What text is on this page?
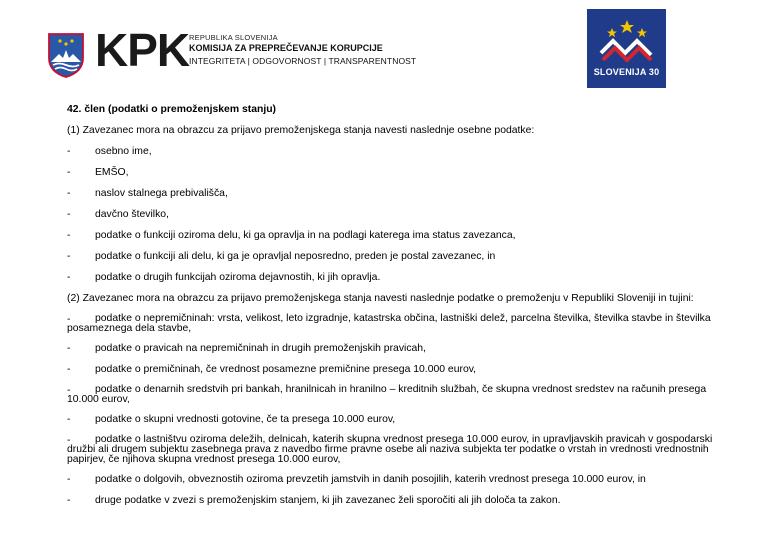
KPK REPUBLIKA SLOVENIJA
KOMISIJA ZA PREPREČEVANJE KORUPCIJE
INTEGRITETA | ODGOVORNOST | TRANSPARENTNOST
SLOVENIJA 30
42. člen (podatki o premoženjskem stanju)
(1) Zavezanec mora na obrazcu za prijavo premoženjskega stanja navesti naslednje osebne podatke:
-	osebno ime,
-	EMŠO,
-	naslov stalnega prebivališča,
-	davčno številko,
-	podatke o funkciji oziroma delu, ki ga opravlja in na podlagi katerega ima status zavezanca,
-	podatke o funkciji ali delu, ki ga je opravljal neposredno, preden je postal zavezanec, in
-	podatke o drugih funkcijah oziroma dejavnostih, ki jih opravlja.
(2) Zavezanec mora na obrazcu za prijavo premoženjskega stanja navesti naslednje podatke o premoženju v Republiki Sloveniji in tujini:
-	podatke o nepremičninah: vrsta, velikost, leto izgradnje, katastrska občina, lastniški delež, parcelna številka, številka stavbe in številka posameznega dela stavbe,
-	podatke o pravicah na nepremičninah in drugih premoženjskih pravicah,
-	podatke o premičninah, če vrednost posamezne premičnine presega 10.000 eurov,
-	podatke o denarnih sredstvih pri bankah, hranilnicah in hranilno – kreditnih službah, če skupna vrednost sredstev na računih presega 10.000 eurov,
-	podatke o skupni vrednosti gotovine, če ta presega 10.000 eurov,
-	podatke o lastništvu oziroma deležih, delnicah, katerih skupna vrednost presega 10.000 eurov, in upravljavskih pravicah v gospodarski družbi ali drugem subjektu zasebnega prava z navedbo firme pravne osebe ali naziva subjekta ter podatke o vrstah in vrednosti vrednostnih papirjev, če njihova skupna vrednost presega 10.000 eurov,
-	podatke o dolgovih, obveznostih oziroma prevzetih jamstvih in danih posojilih, katerih vrednost presega 10.000 eurov, in
-	druge podatke v zvezi s premoženjskim stanjem, ki jih zavezanec želi sporočiti ali jih določa ta zakon.
